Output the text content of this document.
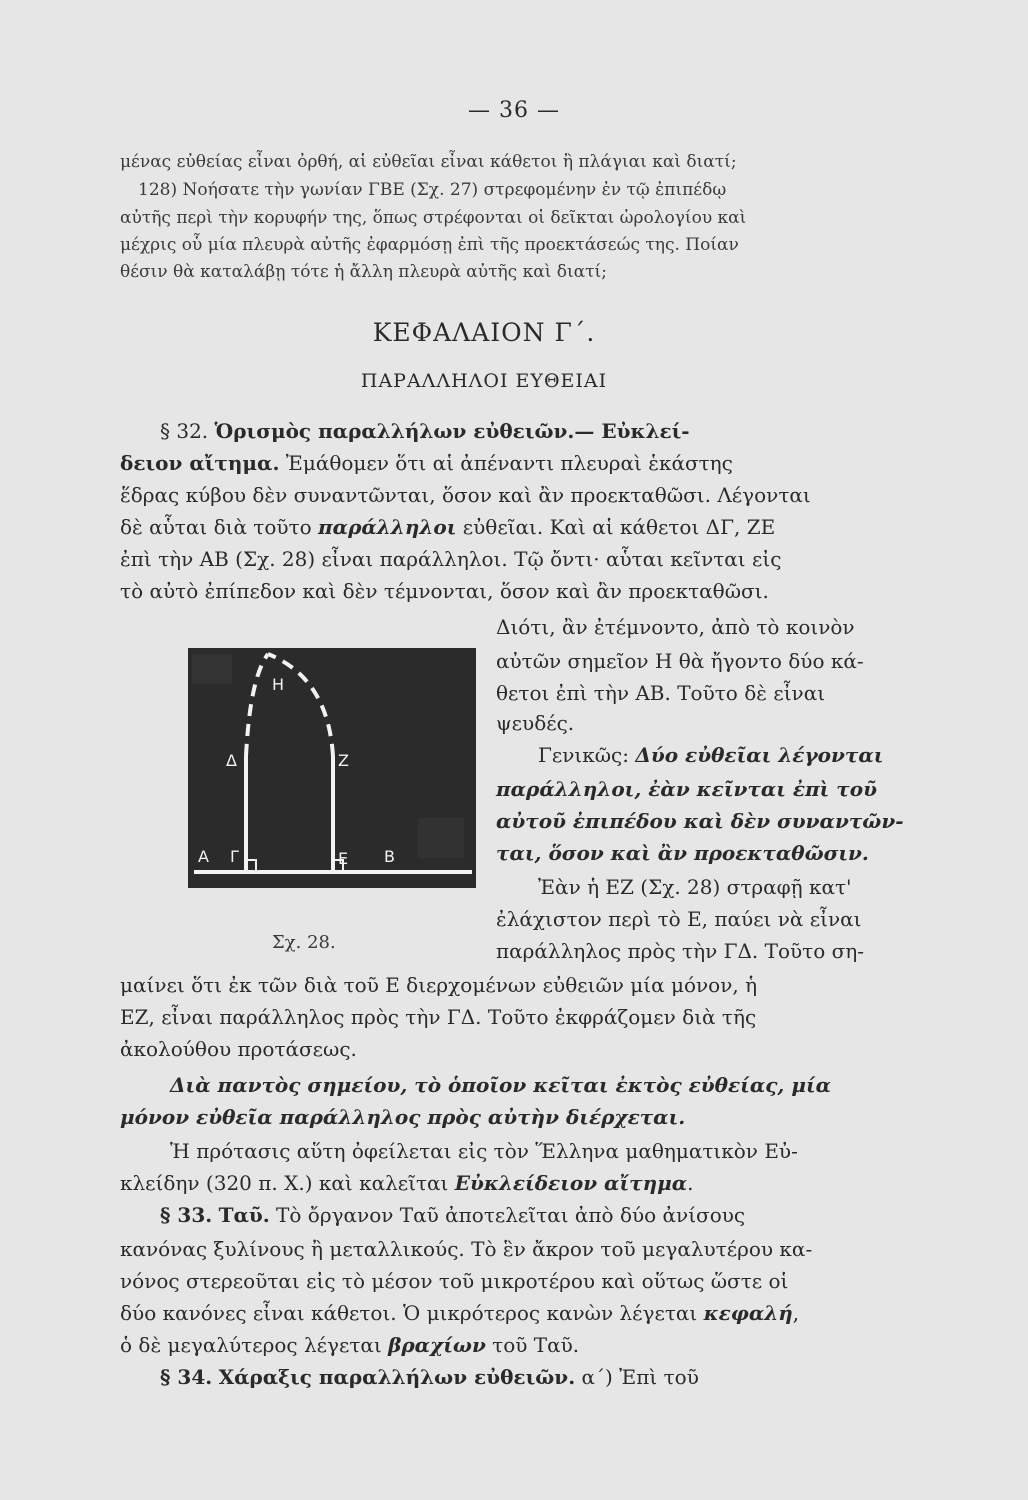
— 36 —
μένας εὐθείας εἶναι ὀρθή, αἱ εὐθεῖαι εἶναι κάθετοι ἢ πλάγιαι καὶ διατί;
128) Νοήσατε τὴν γωνίαν ΓΒΕ (Σχ. 27) στρεφομένην ἐν τῷ ἐπιπέδῳ
αὐτῆς περὶ τὴν κορυφήν της, ὅπως στρέφονται οἱ δεῖκται ὡρολογίου καὶ
μέχρις οὗ μία πλευρὰ αὐτῆς ἐφαρμόσῃ ἐπὶ τῆς προεκτάσεώς της. Ποίαν
θέσιν θὰ καταλάβῃ τότε ἡ ἄλλη πλευρὰ αὐτῆς καὶ διατί;
ΚΕΦΑΛΑΙΟΝ Γ΄.
ΠΑΡΑΛΛΗΛΟΙ ΕΥΘΕΙΑΙ
§ 32. Ὁρισμὸς παραλλήλων εὐθειῶν.— Εὐκλεί-
δειον αἴτημα. Ἐμάθομεν ὅτι αἱ ἀπέναντι πλευραὶ ἑκάστης
ἕδρας κύβου δὲν συναντῶνται, ὅσον καὶ ἂν προεκταθῶσι. Λέγονται
δὲ αὗται διὰ τοῦτο παράλληλοι εὐθεῖαι. Καὶ αἱ κάθετοι ΔΓ, ΖΕ
ἐπὶ τὴν ΑΒ (Σχ. 28) εἶναι παράλληλοι. Τῷ ὄντι· αὗται κεῖνται εἰς
τὸ αὐτὸ ἐπίπεδον καὶ δὲν τέμνονται, ὅσον καὶ ἂν προεκταθῶσι.
Διότι, ἂν ἐτέμνοντο, ἀπὸ τὸ κοινὸν
αὐτῶν σημεῖον Η θὰ ἤγοντο δύο κά-
θετοι ἐπὶ τὴν ΑΒ. Τοῦτο δὲ εἶναι
ψευδές.
Γενικῶς: Δύο εὐθεῖαι λέγονται
παράλληλοι, ἐὰν κεῖνται ἐπὶ τοῦ
αὐτοῦ ἐπιπέδου καὶ δὲν συναντῶν-
ται, ὅσον καὶ ἂν προεκταθῶσιν.
Ἐὰν ἡ ΕΖ (Σχ. 28) στραφῇ κατ'
ἐλάχιστον περὶ τὸ Ε, παύει νὰ εἶναι
παράλληλος πρὸς τὴν ΓΔ. Τοῦτο ση-
Η
Δ	Ζ
Α Γ	Ε Β
Σχ. 28.
μαίνει ὅτι ἐκ τῶν διὰ τοῦ Ε διερχομένων εὐθειῶν μία μόνον, ἡ
ΕΖ, εἶναι παράλληλος πρὸς τὴν ΓΔ. Τοῦτο ἐκφράζομεν διὰ τῆς
ἀκολούθου προτάσεως.
Διὰ παντὸς σημείου, τὸ ὁποῖον κεῖται ἐκτὸς εὐθείας, μία
μόνον εὐθεῖα παράλληλος πρὸς αὐτὴν διέρχεται.
Ἡ πρότασις αὕτη ὀφείλεται εἰς τὸν Ἕλληνα μαθηματικὸν Εὐ-
κλείδην (320 π. Χ.) καὶ καλεῖται Εὐκλείδειον αἴτημα.
§ 33. Ταῦ. Τὸ ὄργανον Ταῦ ἀποτελεῖται ἀπὸ δύο ἀνίσους
κανόνας ξυλίνους ἢ μεταλλικούς. Τὸ ἓν ἄκρον τοῦ μεγαλυτέρου κα-
νόνος στερεοῦται εἰς τὸ μέσον τοῦ μικροτέρου καὶ οὕτως ὥστε οἱ
δύο κανόνες εἶναι κάθετοι. Ὁ μικρότερος κανὼν λέγεται κεφαλή,
ὁ δὲ μεγαλύτερος λέγεται βραχίων τοῦ Ταῦ.
§ 34. Χάραξις παραλλήλων εὐθειῶν. α΄) Ἐπὶ τοῦ
